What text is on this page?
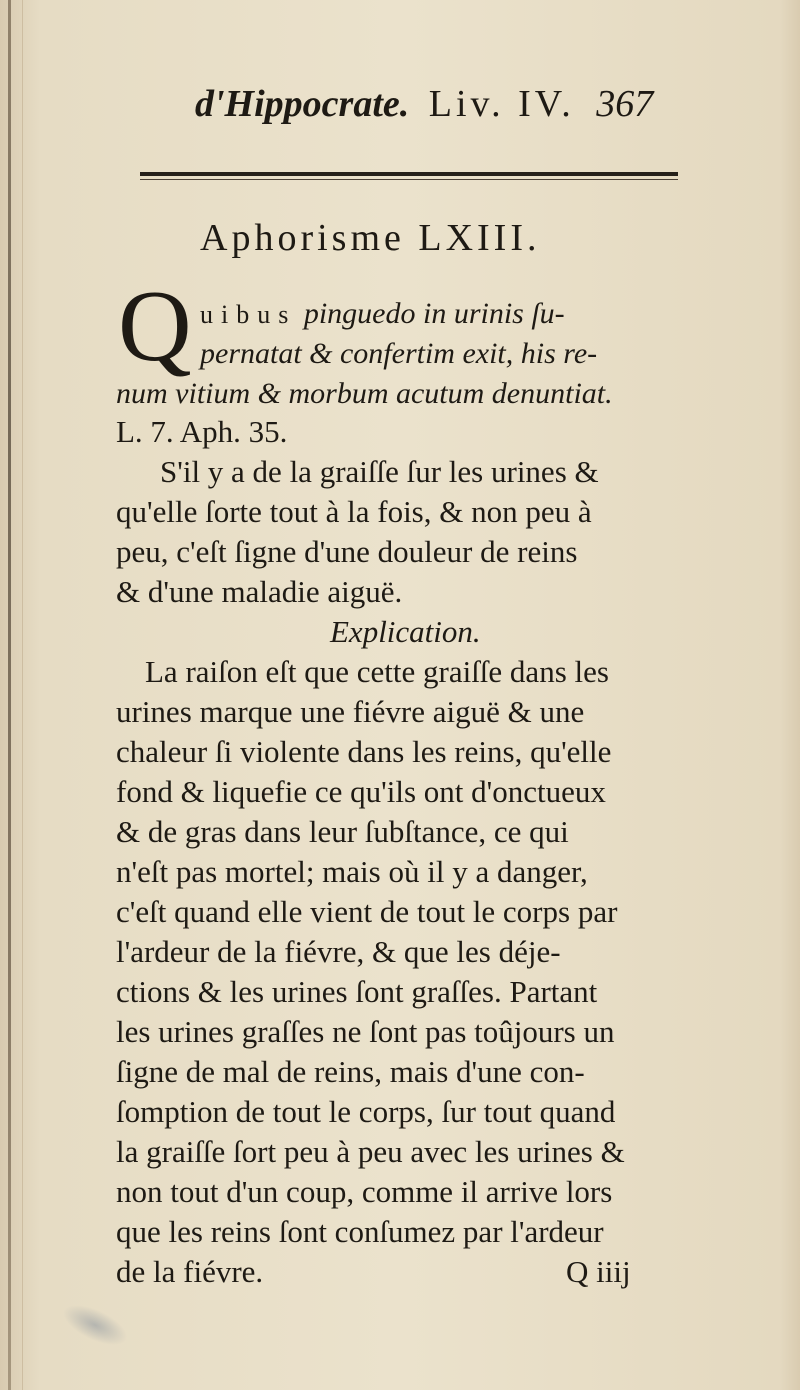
d'Hippocrate. Liv. IV. 367
Aphorisme LXIII.
Q uibus pinguedo in urinis ſu-
pernatat & confertim exit, his re-
num vitium & morbum acutum denuntiat.
L. 7. Aph. 35.
S'il y a de la graiſſe ſur les urines &
qu'elle ſorte tout à la fois, & non peu à
peu, c'eſt ſigne d'une douleur de reins
& d'une maladie aiguë.
Explication.
La raiſon eſt que cette graiſſe dans les
urines marque une fiévre aiguë & une
chaleur ſi violente dans les reins, qu'elle
fond & liquefie ce qu'ils ont d'onctueux
& de gras dans leur ſubſtance, ce qui
n'eſt pas mortel; mais où il y a danger,
c'eſt quand elle vient de tout le corps par
l'ardeur de la fiévre, & que les déje-
ctions & les urines ſont graſſes. Partant
les urines graſſes ne ſont pas toûjours un
ſigne de mal de reins, mais d'une con-
ſomption de tout le corps, ſur tout quand
la graiſſe ſort peu à peu avec les urines &
non tout d'un coup, comme il arrive lors
que les reins ſont conſumez par l'ardeur
de la fiévre.	Q iiij
